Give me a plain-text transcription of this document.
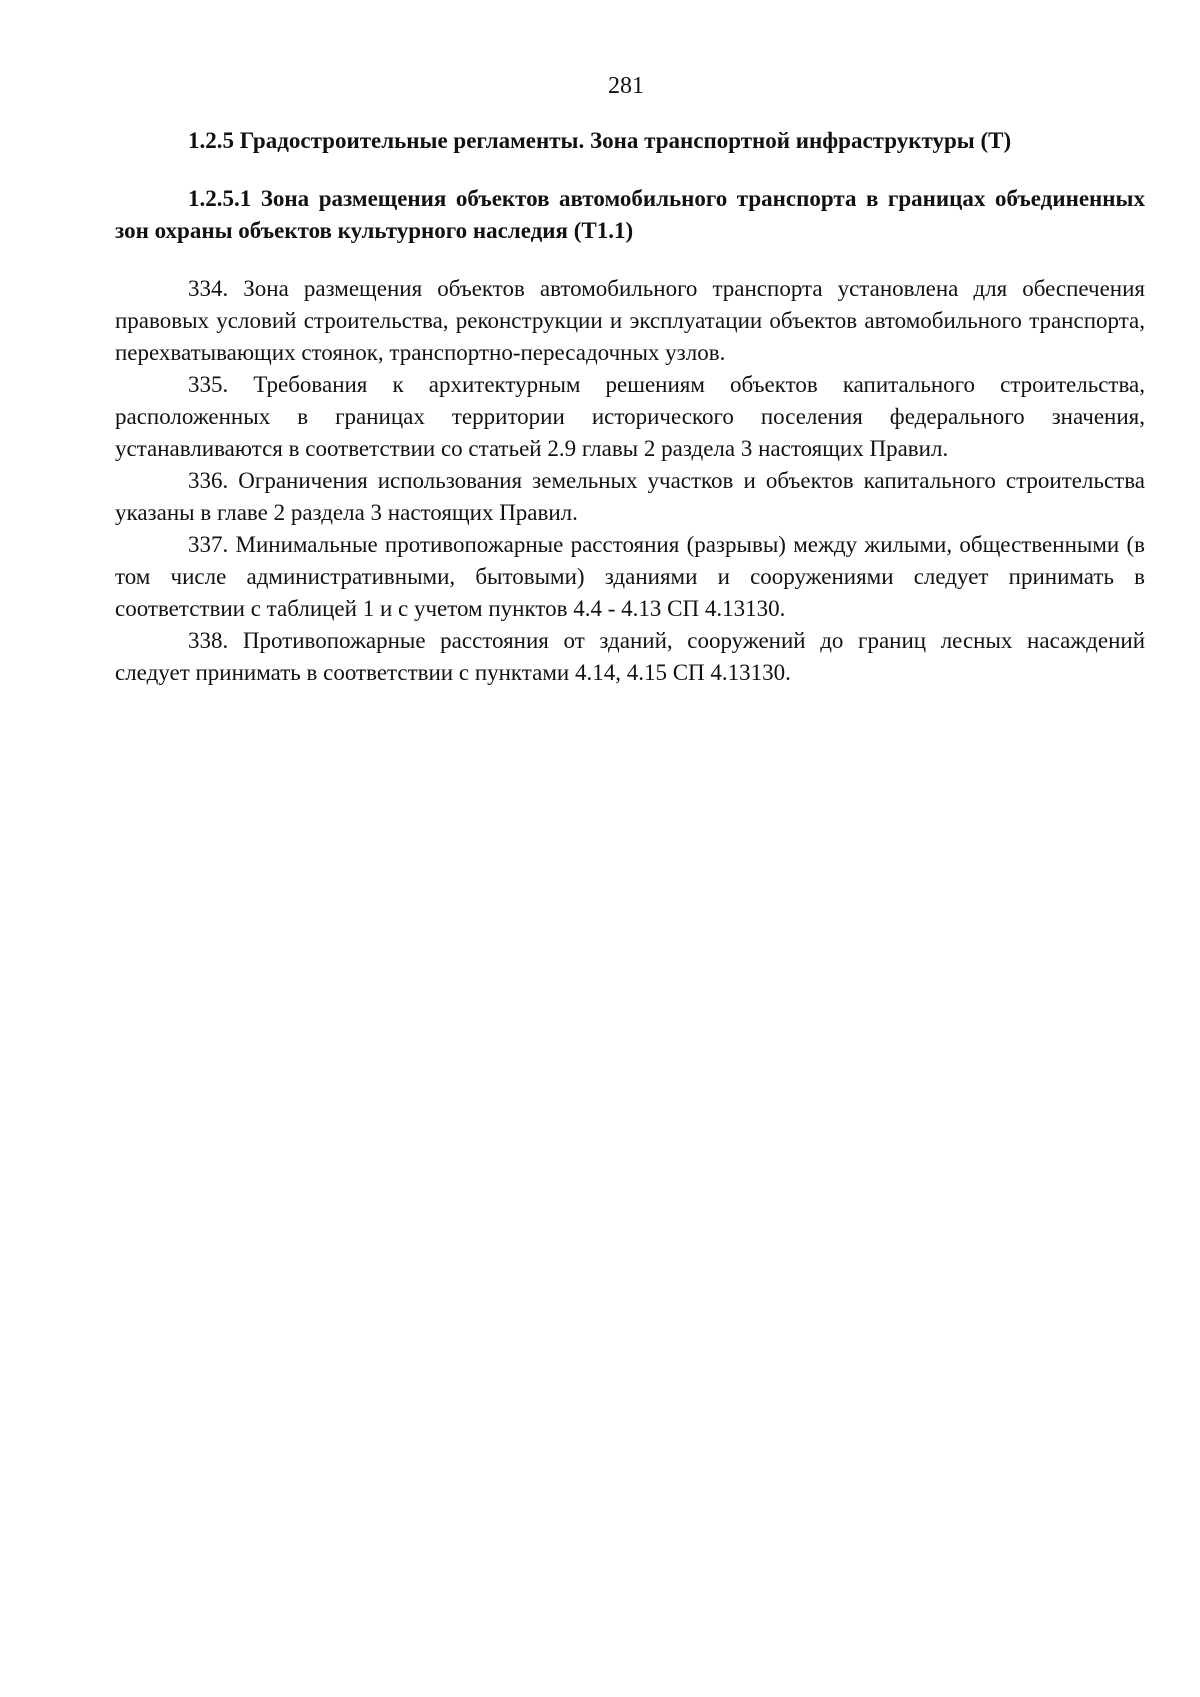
281
1.2.5 Градостроительные регламенты. Зона транспортной инфраструктуры (Т)
1.2.5.1 Зона размещения объектов автомобильного транспорта в границах объединенных зон охраны объектов культурного наследия (Т1.1)

334. Зона размещения объектов автомобильного транспорта установлена для обеспечения правовых условий строительства, реконструкции и эксплуатации объектов автомобильного транспорта, перехватывающих стоянок, транспортно-пересадочных узлов.

335. Требования к архитектурным решениям объектов капитального строительства, расположенных в границах территории исторического поселения федерального значения, устанавливаются в соответствии со статьей 2.9 главы 2 раздела 3 настоящих Правил.

336. Ограничения использования земельных участков и объектов капитального строительства указаны в главе 2 раздела 3 настоящих Правил.

337. Минимальные противопожарные расстояния (разрывы) между жилыми, общественными (в том числе административными, бытовыми) зданиями и сооружениями следует принимать в соответствии с таблицей 1 и с учетом пунктов 4.4 - 4.13 СП 4.13130.

338. Противопожарные расстояния от зданий, сооружений до границ лесных насаждений следует принимать в соответствии с пунктами 4.14, 4.15 СП 4.13130.
